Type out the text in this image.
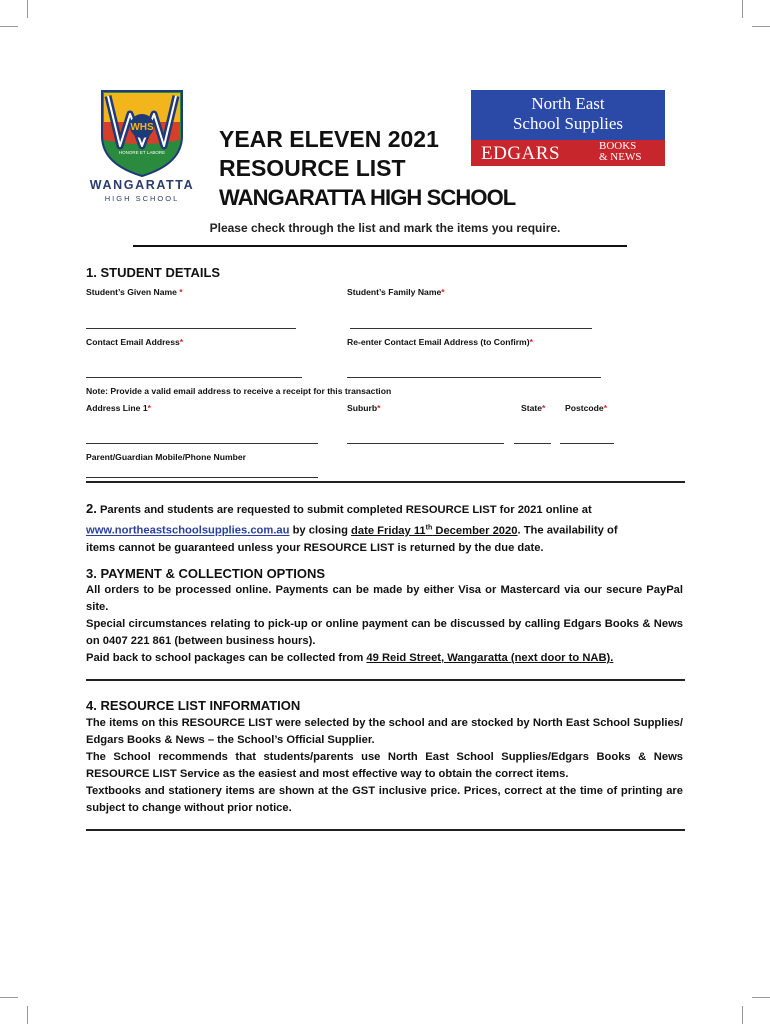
WHS
HONORE ET LABORE
WANGARATTA
HIGH SCHOOL
YEAR ELEVEN 2021
RESOURCE LIST
WANGARATTA HIGH SCHOOL
North East
School Supplies
EDGARS	BOOKS
& NEWS
Please check through the list and mark the items you require.
1. STUDENT DETAILS
Student’s Given Name *	Student’s Family Name*
Contact Email Address*	Re-enter Contact Email Address (to Confirm)*
Note: Provide a valid email address to receive a receipt for this transaction
Address Line 1*	Suburb*	State* Postcode*
Parent/Guardian Mobile/Phone Number
2. Parents and students are requested to submit completed RESOURCE LIST for 2021 online at
www.northeastschoolsupplies.com.au by closing date Friday 11th December 2020. The availability of
items cannot be guaranteed unless your RESOURCE LIST is returned by the due date.
3. PAYMENT & COLLECTION OPTIONS
All orders to be processed online. Payments can be made by either Visa or Mastercard via our secure PayPal site.
Special circumstances relating to pick-up or online payment can be discussed by calling Edgars Books & News on 0407 221 861 (between business hours).
Paid back to school packages can be collected from 49 Reid Street, Wangaratta (next door to NAB).
4. RESOURCE LIST INFORMATION
The items on this RESOURCE LIST were selected by the school and are stocked by North East School Supplies/ Edgars Books & News – the School’s Official Supplier.
The School recommends that students/parents use North East School Supplies/Edgars Books & News RESOURCE LIST Service as the easiest and most effective way to obtain the correct items.
Textbooks and stationery items are shown at the GST inclusive price. Prices, correct at the time of printing are subject to change without prior notice.
